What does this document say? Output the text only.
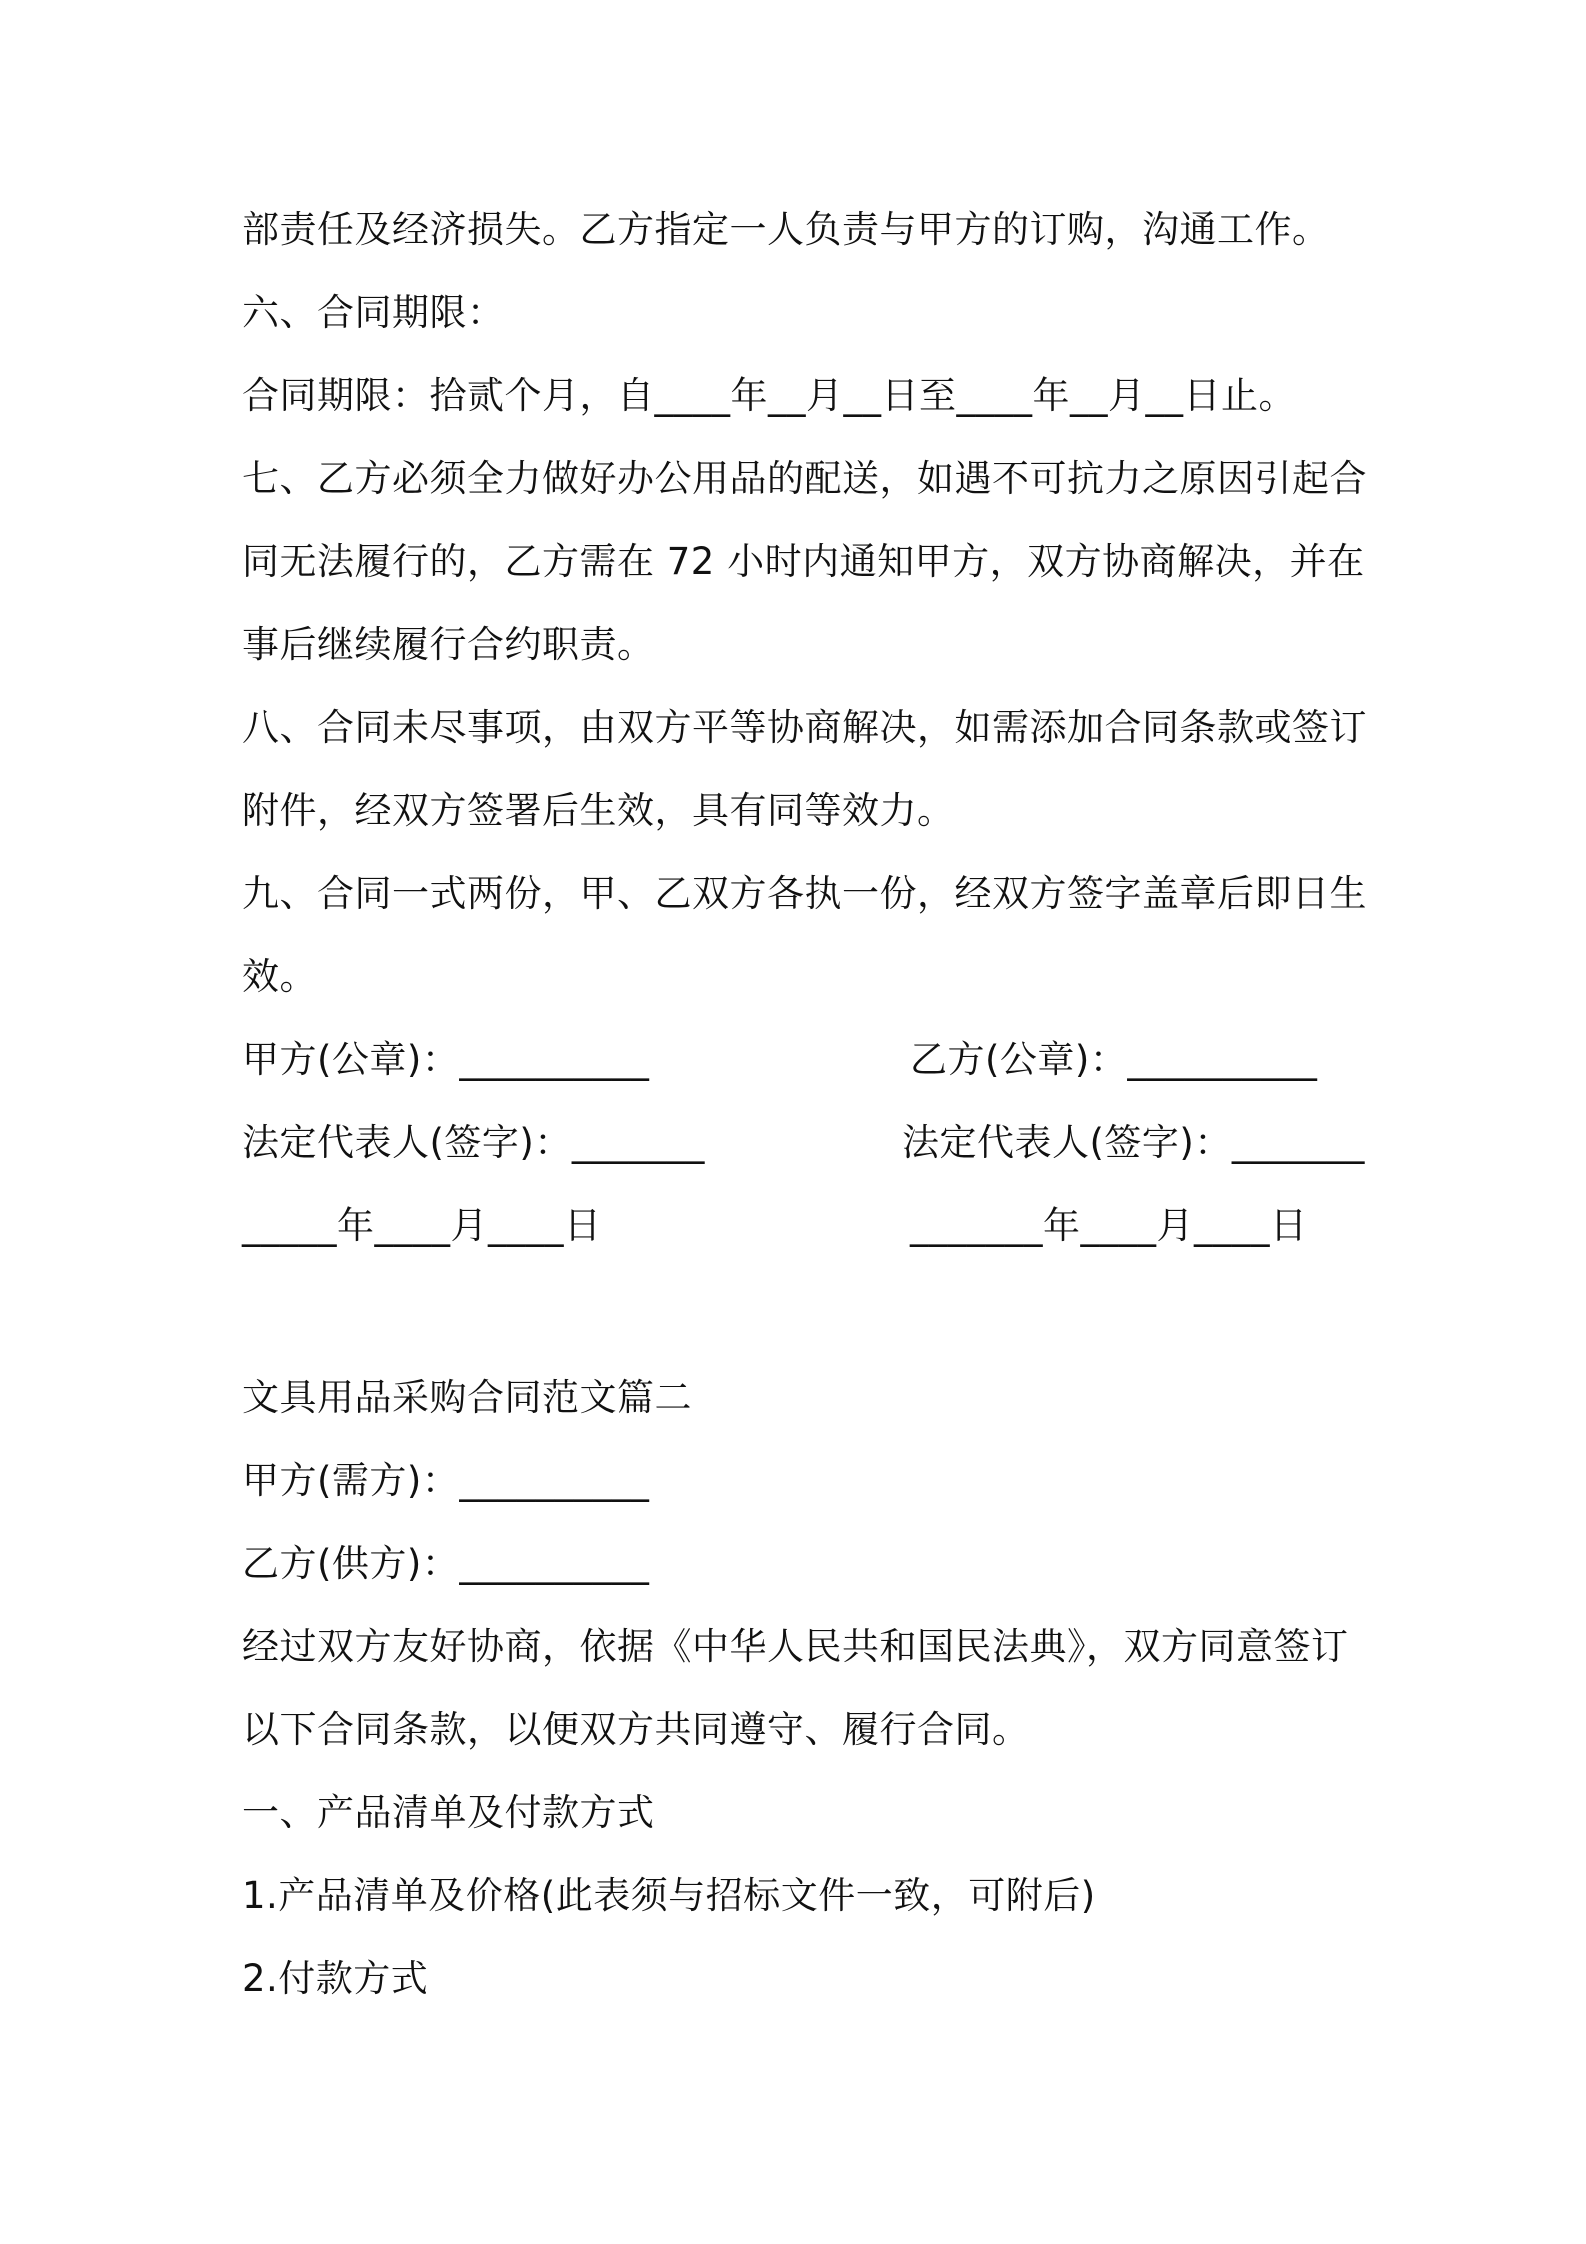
部责任及经济损失。乙方指定一人负责与甲方的订购，沟通工作。
六、合同期限：
合同期限：拾贰个月，自____年__月__日至____年__月__日止。
七、乙方必须全力做好办公用品的配送，如遇不可抗力之原因引起合
同无法履行的，乙方需在 72 小时内通知甲方，双方协商解决，并在
事后继续履行合约职责。
八、合同未尽事项，由双方平等协商解决，如需添加合同条款或签订
附件，经双方签署后生效，具有同等效力。
九、合同一式两份，甲、乙双方各执一份，经双方签字盖章后即日生
效。
甲方(公章)：__________	乙方(公章)：__________
法定代表人(签字)：_______	法定代表人(签字)：_______
_____年____月____日	_______年____月____日
文具用品采购合同范文篇二
甲方(需方)：__________
乙方(供方)：__________
经过双方友好协商，依据《中华人民共和国民法典》，双方同意签订
以下合同条款，以便双方共同遵守、履行合同。
一、产品清单及付款方式
1.产品清单及价格(此表须与招标文件一致，可附后)
2.付款方式
